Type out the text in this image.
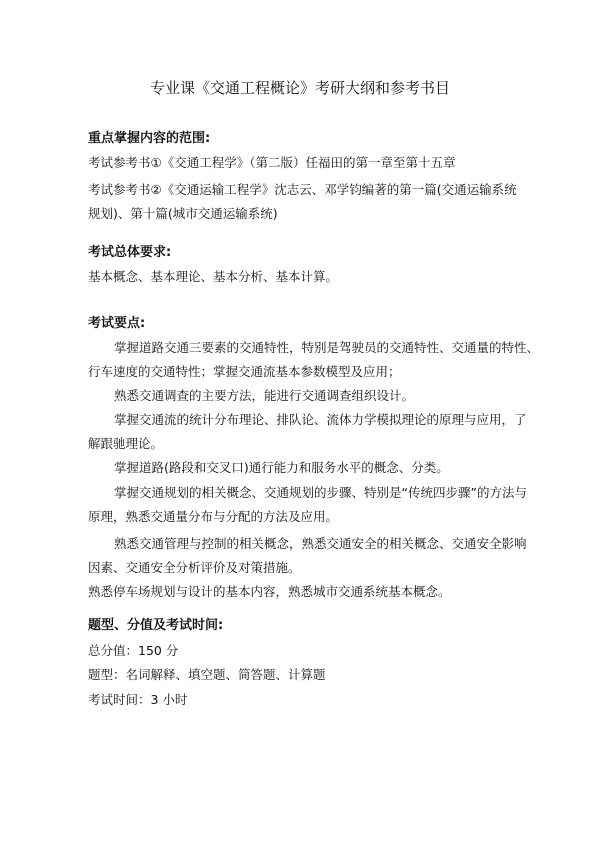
专业课《交通工程概论》考研大纲和参考书目
重点掌握内容的范围:
考试参考书①《交通工程学》（第二版）任福田的第一章至第十五章
考试参考书②《交通运输工程学》沈志云、邓学钧编著的第一篇(交通运输系统
规划)、第十篇(城市交通运输系统)
考试总体要求:
基本概念、基本理论、基本分析、基本计算。
考试要点:
掌握道路交通三要素的交通特性，特别是驾驶员的交通特性、交通量的特性、
行车速度的交通特性；掌握交通流基本参数模型及应用；
熟悉交通调查的主要方法，能进行交通调查组织设计。
掌握交通流的统计分布理论、排队论、流体力学模拟理论的原理与应用，了
解跟驰理论。
掌握道路(路段和交叉口)通行能力和服务水平的概念、分类。
掌握交通规划的相关概念、交通规划的步骤、特别是“传统四步骤”的方法与
原理，熟悉交通量分布与分配的方法及应用。
熟悉交通管理与控制的相关概念，熟悉交通安全的相关概念、交通安全影响
因素、交通安全分析评价及对策措施。
熟悉停车场规划与设计的基本内容，熟悉城市交通系统基本概念。
题型、分值及考试时间:
总分值：150 分
题型：名词解释、填空题、简答题、计算题
考试时间：3 小时
